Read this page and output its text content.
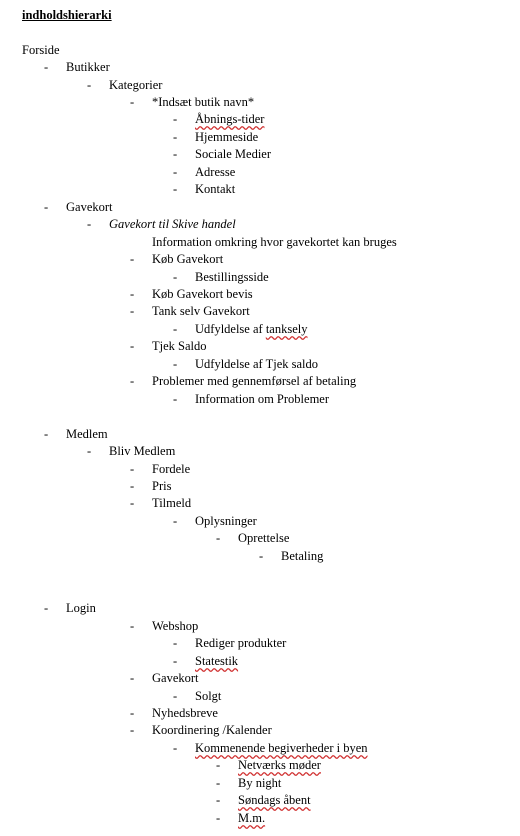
indholdshierarki
Forside
- Butikker
- Kategorier
- *Indsæt butik navn*
- Åbnings-tider
- Hjemmeside
- Sociale Medier
- Adresse
- Kontakt
- Gavekort
- Gavekort til Skive handel
Information omkring hvor gavekortet kan bruges
- Køb Gavekort
- Bestillingsside
- Køb Gavekort bevis
- Tank selv Gavekort
- Udfyldelse af tanksely
- Tjek Saldo
- Udfyldelse af Tjek saldo
- Problemer med gennemførsel af betaling
- Information om Problemer
- Medlem
- Bliv Medlem
- Fordele
- Pris
- Tilmeld
- Oplysninger
- Oprettelse
- Betaling
- Login
- Webshop
- Rediger produkter
- Statestik
- Gavekort
- Solgt
- Nyhedsbreve
- Koordinering /Kalender
- Kommenende begiverheder i byen
- Netværks møder
- By night
- Søndags åbent
- M.m.
